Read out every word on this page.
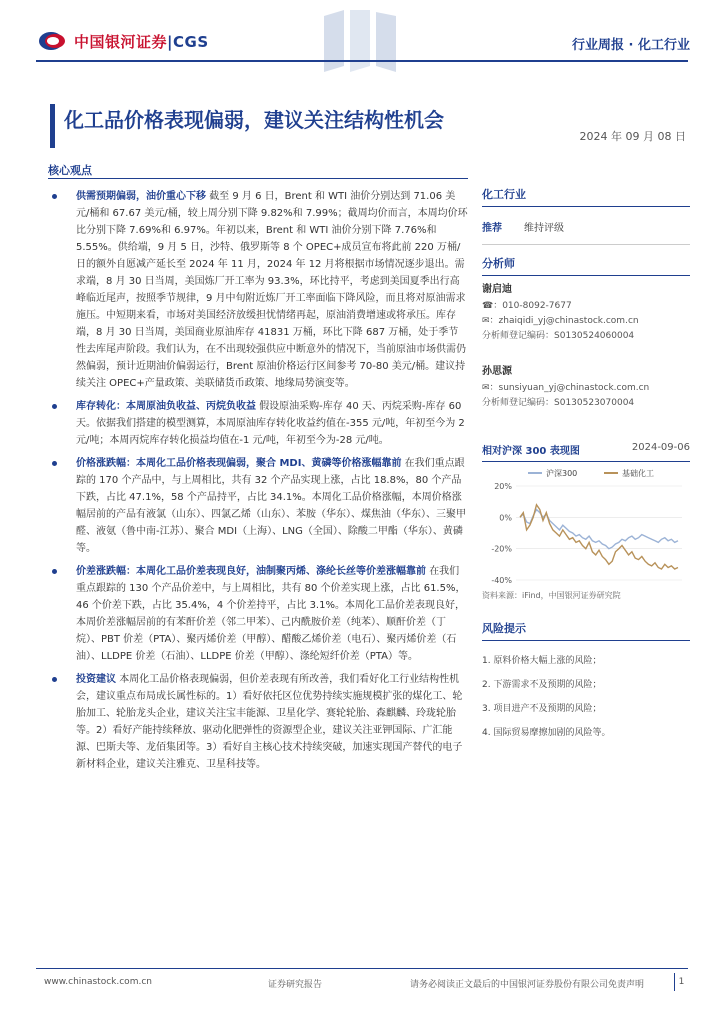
中国银河证券|CGS	行业周报 · 化工行业
化工品价格表现偏弱，建议关注结构性机会
2024 年 09 月 08 日
核心观点
供需预期偏弱，油价重心下移 截至 9 月 6 日，Brent 和 WTI 油价分别达到 71.06 美元/桶和 67.67 美元/桶，较上周分别下降 9.82%和 7.99%；截周均价而言，本周均价环比分别下降 7.69%和 6.97%。年初以来，Brent 和 WTI 油价分别下降 7.76%和 5.55%。供给端，9 月 5 日，沙特、俄罗斯等 8 个 OPEC+成员宣布将此前 220 万桶/日的额外自愿减产延长至 2024 年 11 月，2024 年 12 月将根据市场情况逐步退出。需求端，8 月 30 日当周，美国炼厂开工率为 93.3%，环比持平，考虑到美国夏季出行高峰临近尾声，按照季节规律，9 月中旬附近炼厂开工率面临下降风险，而且将对原油需求施压。中短期来看，市场对美国经济放缓担忧情绪再起，原油消费增速或将承压。库存端，8 月 30 日当周，美国商业原油库存 41831 万桶，环比下降 687 万桶，处于季节性去库尾声阶段。我们认为，在不出现较强供应中断意外的情况下，当前原油市场供需仍然偏弱，预计近期油价偏弱运行，Brent 原油价格运行区间参考 70-80 美元/桶。建议持续关注 OPEC+产量政策、美联储货币政策、地缘局势演变等。
库存转化：本周原油负收益、丙烷负收益 假设原油采购-库存 40 天、丙烷采购-库存 60 天。依据我们搭建的模型测算，本周原油库存转化收益约值在-355 元/吨，年初至今为 2 元/吨；本周丙烷库存转化损益均值在-1 元/吨，年初至今为-28 元/吨。
价格涨跌幅：本周化工品价格表现偏弱，聚合 MDI、黄磷等价格涨幅靠前 在我们重点跟踪的 170 个产品中，与上周相比，共有 32 个产品实现上涨，占比 18.8%，80 个产品下跌，占比 47.1%，58 个产品持平，占比 34.1%。本周化工品价格涨幅，本周价格涨幅居前的产品有液氯（山东）、四氯乙烯（山东）、苯胺（华东）、煤焦油（华东）、三聚甲醛、液氨（鲁中南-江苏）、聚合 MDI（上海）、LNG（全国）、除酸二甲酯（华东）、黄磷等。
价差涨跌幅：本周化工品价差表现良好，油制聚丙烯、涤纶长丝等价差涨幅靠前 在我们重点跟踪的 130 个产品价差中，与上周相比，共有 80 个价差实现上涨，占比 61.5%，46 个价差下跌，占比 35.4%，4 个价差持平，占比 3.1%。本周化工品价差表现良好，本周价差涨幅居前的有苯酐价差（邻二甲苯）、己内酰胺价差（纯苯）、顺酐价差（丁烷）、PBT 价差（PTA）、聚丙烯价差（甲醇）、醋酸乙烯价差（电石）、聚丙烯价差（石油）、LLDPE 价差（石油）、LLDPE 价差（甲醇）、涤纶短纤价差（PTA）等。
投资建议 本周化工品价格表现偏弱，但价差表现有所改善，我们看好化工行业结构性机会，建议重点布局成长属性标的。1）看好依托区位优势持续实施规模扩张的煤化工、轮胎加工、轮胎龙头企业，建议关注宝丰能源、卫星化学、赛轮轮胎、森麒麟、玲珑轮胎等。2）看好产能持续释放、驱动化肥弹性的资源型企业，建议关注亚钾国际、广汇能源、巴斯夫等、龙佰集团等。3）看好自主核心技术持续突破，加速实现国产替代的电子新材料企业，建议关注雅克、卫星科技等。
化工行业
推荐 维持评级
分析师
谢启迪
☎：010-8092-7677
✉：zhaiqidi_yj@chinastock.com.cn
分析师登记编码：S0130524060004
孙思源
✉：sunsiyuan_yj@chinastock.com.cn
分析师登记编码：S0130523070004
相对沪深 300 表现图	2024-09-06
20%
0%
-20%
-40%
沪深300	基础化工
资料来源：iFind，中国银河证券研究院
风险提示
1. 原料价格大幅上涨的风险；
2. 下游需求不及预期的风险；
3. 项目进产不及预期的风险；
4. 国际贸易摩擦加剧的风险等。
www.chinastock.com.cn	证券研究报告	请务必阅读正文最后的中国银河证券股份有限公司免责声明	1
